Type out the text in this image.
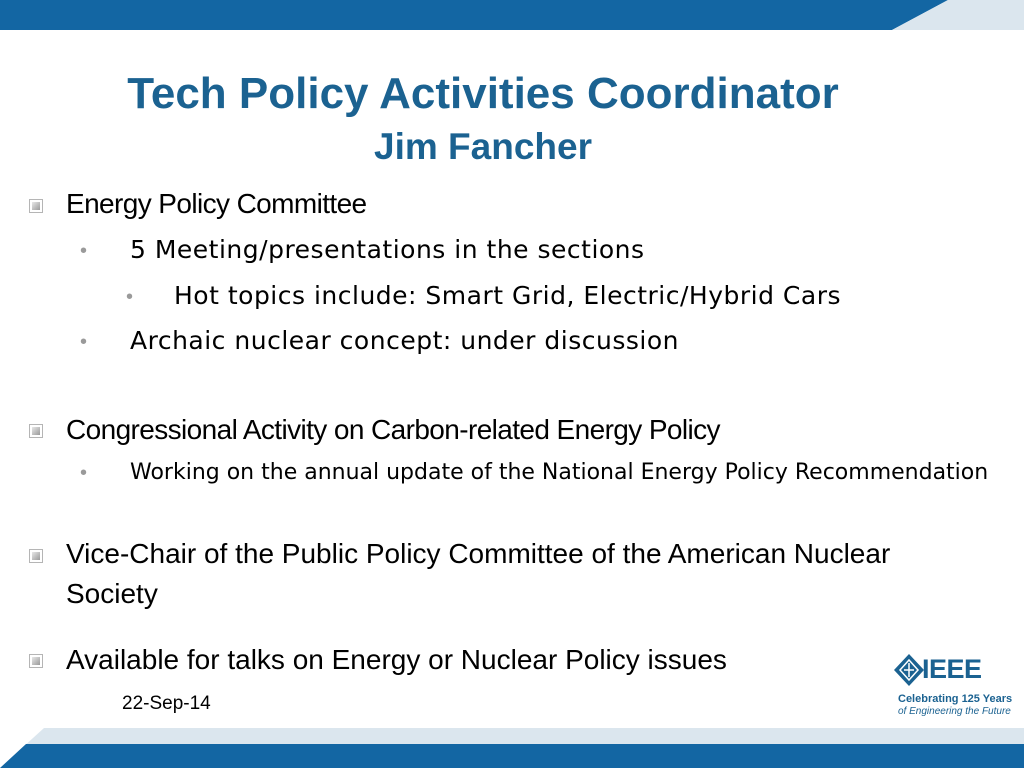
Tech Policy Activities Coordinator
Jim Fancher
Energy Policy Committee
• 5 Meeting/presentations in the sections
• Hot topics include: Smart Grid, Electric/Hybrid Cars
• Archaic nuclear concept: under discussion
Congressional Activity on Carbon-related Energy Policy
• Working on the annual update of the National Energy Policy Recommendation
Vice-Chair of the Public Policy Committee of the American Nuclear Society
Available for talks on Energy or Nuclear Policy issues
22-Sep-14
IEEE
Celebrating 125 Years
of Engineering the Future
